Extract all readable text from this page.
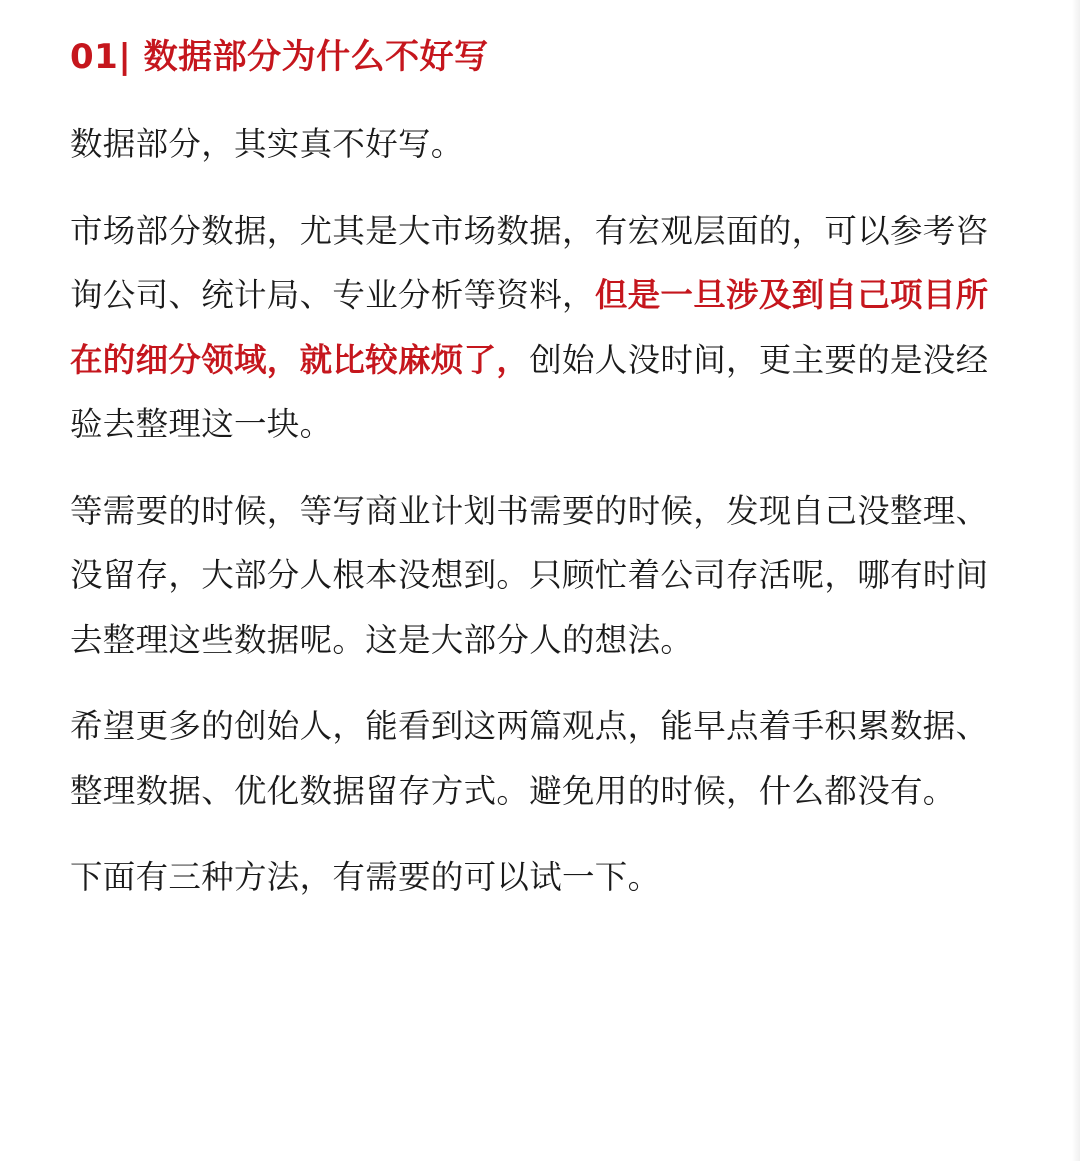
01| 数据部分为什么不好写

数据部分，其实真不好写。

市场部分数据，尤其是大市场数据，有宏观层面的，可以参考咨询公司、统计局、专业分析等资料，但是一旦涉及到自己项目所在的细分领域，就比较麻烦了，创始人没时间，更主要的是没经验去整理这一块。

等需要的时候，等写商业计划书需要的时候，发现自己没整理、没留存，大部分人根本没想到。只顾忙着公司存活呢，哪有时间去整理这些数据呢。这是大部分人的想法。

希望更多的创始人，能看到这两篇观点，能早点着手积累数据、整理数据、优化数据留存方式。避免用的时候，什么都没有。

下面有三种方法，有需要的可以试一下。
